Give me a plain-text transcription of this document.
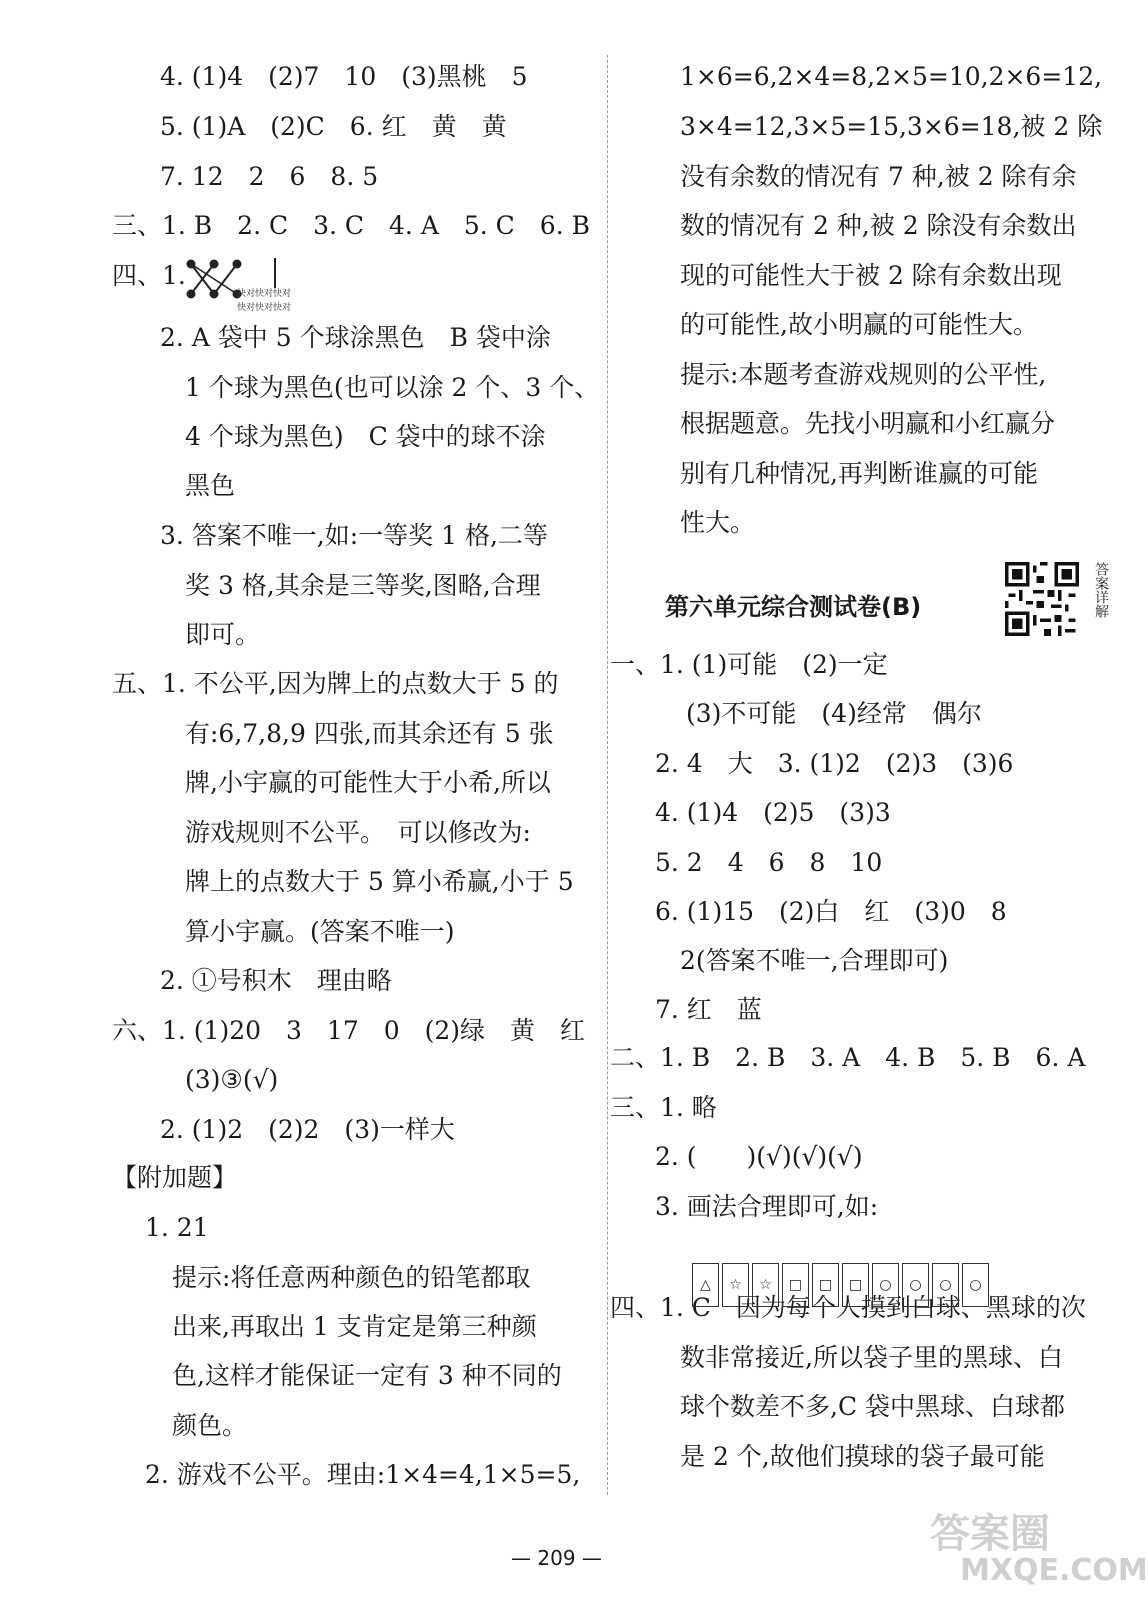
4. (1)4　(2)7　10　(3)黑桃　5
5. (1)A　(2)C　6. 红　黄　黄
7. 12　2　6　8. 5
三、1. B　2. C　3. C　4. A　5. C　6. B
四、1.
2. A 袋中 5 个球涂黑色　B 袋中涂
1 个球为黑色(也可以涂 2 个、3 个、
4 个球为黑色)　C 袋中的球不涂
黑色
3. 答案不唯一,如:一等奖 1 格,二等
奖 3 格,其余是三等奖,图略,合理
即可。
五、1. 不公平,因为牌上的点数大于 5 的
有:6,7,8,9 四张,而其余还有 5 张
牌,小宇赢的可能性大于小希,所以
游戏规则不公平。　可以修改为:
牌上的点数大于 5 算小希赢,小于 5
算小宇赢。(答案不唯一)
2. ①号积木　理由略
六、1. (1)20　3　17　0　(2)绿　黄　红
(3)③(√)
2. (1)2　(2)2　(3)一样大
【附加题】
1. 21
提示:将任意两种颜色的铅笔都取
出来,再取出 1 支肯定是第三种颜
色,这样才能保证一定有 3 种不同的
颜色。
2. 游戏不公平。理由:1×4=4,1×5=5,
1×6=6,2×4=8,2×5=10,2×6=12,
3×4=12,3×5=15,3×6=18,被 2 除
没有余数的情况有 7 种,被 2 除有余
数的情况有 2 种,被 2 除没有余数出
现的可能性大于被 2 除有余数出现
的可能性,故小明赢的可能性大。
提示:本题考查游戏规则的公平性,
根据题意。先找小明赢和小红赢分
别有几种情况,再判断谁赢的可能
性大。
一、1. (1)可能　(2)一定
(3)不可能　(4)经常　偶尔
2. 4　大　3. (1)2　(2)3　(3)6
4. (1)4　(2)5　(3)3
5. 2　4　6　8　10
6. (1)15　(2)白　红　(3)0　8
2(答案不唯一,合理即可)
7. 红　蓝
二、1. B　2. B　3. A　4. B　5. B　6. A
三、1. 略
2. (　　)(√)(√)(√)
3. 画法合理即可,如:
四、1. C　因为每个人摸到白球、黑球的次
数非常接近,所以袋子里的黑球、白
球个数差不多,C 袋中黑球、白球都
是 2 个,故他们摸球的袋子最可能
快对快对快对
快对快对快对
第六单元综合测试卷(B)	答案详解
△	☆	☆	□	□	□	○	○	○	○
答案圈
MXQE.COM
— 209 —
